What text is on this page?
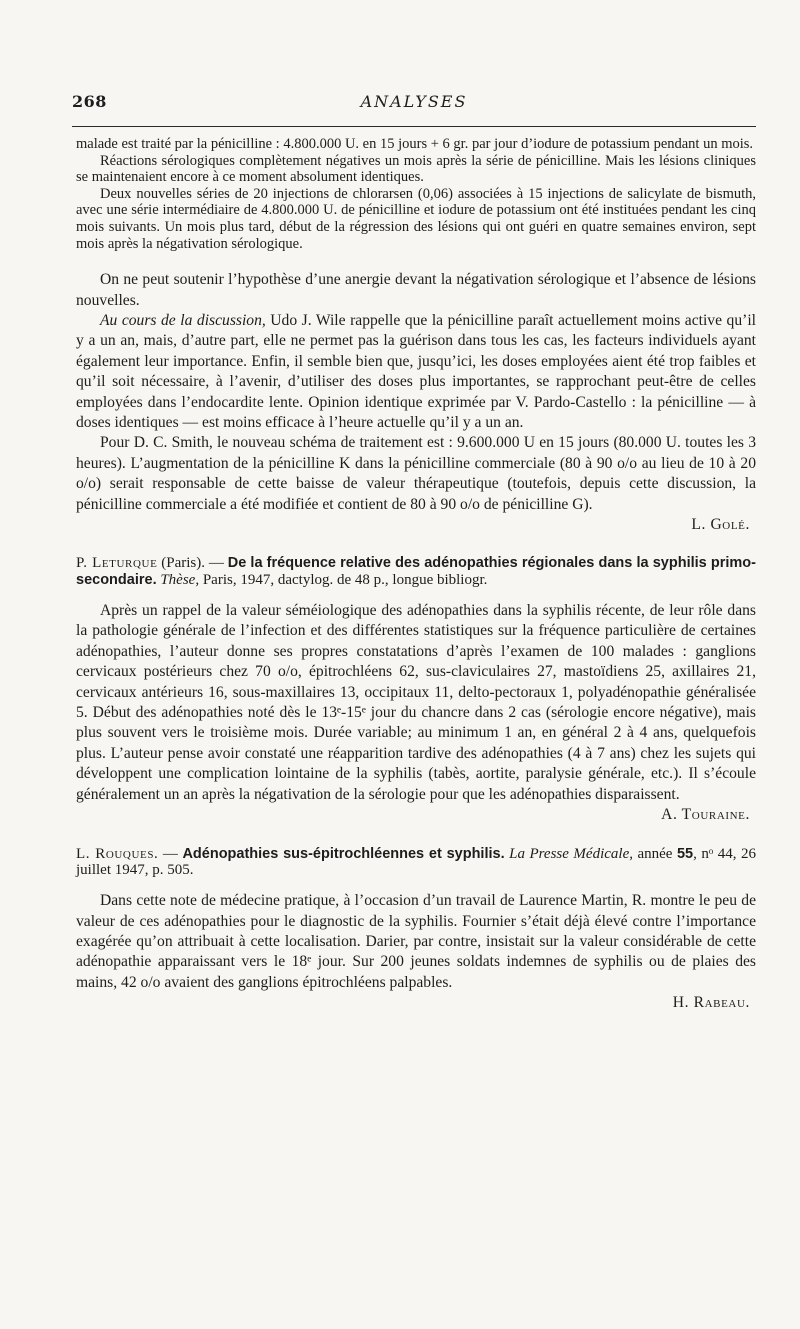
268	ANALYSES

malade est traité par la pénicilline : 4.800.000 U. en 15 jours + 6 gr. par jour d’iodure de potassium pendant un mois.

Réactions sérologiques complètement négatives un mois après la série de pénicilline. Mais les lésions cliniques se maintenaient encore à ce moment absolument identiques.

Deux nouvelles séries de 20 injections de chlorarsen (0,06) associées à 15 injections de salicylate de bismuth, avec une série intermédiaire de 4.800.000 U. de pénicilline et iodure de potassium ont été instituées pendant les cinq mois suivants. Un mois plus tard, début de la régression des lésions qui ont guéri en quatre semaines environ, sept mois après la négativation sérologique.

On ne peut soutenir l’hypothèse d’une anergie devant la négativation sérologique et l’absence de lésions nouvelles.

Au cours de la discussion, Udo J. Wile rappelle que la pénicilline paraît actuellement moins active qu’il y a un an, mais, d’autre part, elle ne permet pas la guérison dans tous les cas, les facteurs individuels ayant également leur importance. Enfin, il semble bien que, jusqu’ici, les doses employées aient été trop faibles et qu’il soit nécessaire, à l’avenir, d’utiliser des doses plus importantes, se rapprochant peut-être de celles employées dans l’endocardite lente. Opinion identique exprimée par V. Pardo-Castello : la pénicilline — à doses identiques — est moins efficace à l’heure actuelle qu’il y a un an.

Pour D. C. Smith, le nouveau schéma de traitement est : 9.600.000 U en 15 jours (80.000 U. toutes les 3 heures). L’augmentation de la pénicilline K dans la pénicilline commerciale (80 à 90 o/o au lieu de 10 à 20 o/o) serait responsable de cette baisse de valeur thérapeutique (toutefois, depuis cette discussion, la pénicilline commerciale a été modifiée et contient de 80 à 90 o/o de pénicilline G).

L. Golé.
P. Leturque (Paris). — De la fréquence relative des adénopathies régionales dans la syphilis primo-secondaire. Thèse, Paris, 1947, dactylog. de 48 p., longue bibliogr.

Après un rappel de la valeur séméiologique des adénopathies dans la syphilis récente, de leur rôle dans la pathologie générale de l’infection et des différentes statistiques sur la fréquence particulière de certaines adénopathies, l’auteur donne ses propres constatations d’après l’examen de 100 malades : ganglions cervicaux postérieurs chez 70 o/o, épitrochléens 62, sus-claviculaires 27, mastoïdiens 25, axillaires 21, cervicaux antérieurs 16, sous-maxillaires 13, occipitaux 11, delto-pectoraux 1, polyadénopathie généralisée 5. Début des adénopathies noté dès le 13ᵉ-15ᵉ jour du chancre dans 2 cas (sérologie encore négative), mais plus souvent vers le troisième mois. Durée variable; au minimum 1 an, en général 2 à 4 ans, quelquefois plus. L’auteur pense avoir constaté une réapparition tardive des adénopathies (4 à 7 ans) chez les sujets qui développent une complication lointaine de la syphilis (tabès, aortite, paralysie générale, etc.). Il s’écoule généralement un an après la négativation de la sérologie pour que les adénopathies disparaissent.

A. Touraine.
L. Rouques. — Adénopathies sus-épitrochléennes et syphilis. La Presse Médicale, année 55, nᵒ 44, 26 juillet 1947, p. 505.

Dans cette note de médecine pratique, à l’occasion d’un travail de Laurence Martin, R. montre le peu de valeur de ces adénopathies pour le diagnostic de la syphilis. Fournier s’était déjà élevé contre l’importance exagérée qu’on attribuait à cette localisation. Darier, par contre, insistait sur la valeur considérable de cette adénopathie apparaissant vers le 18ᵉ jour. Sur 200 jeunes soldats indemnes de syphilis ou de plaies des mains, 42 o/o avaient des ganglions épitrochléens palpables.

H. Rabeau.
